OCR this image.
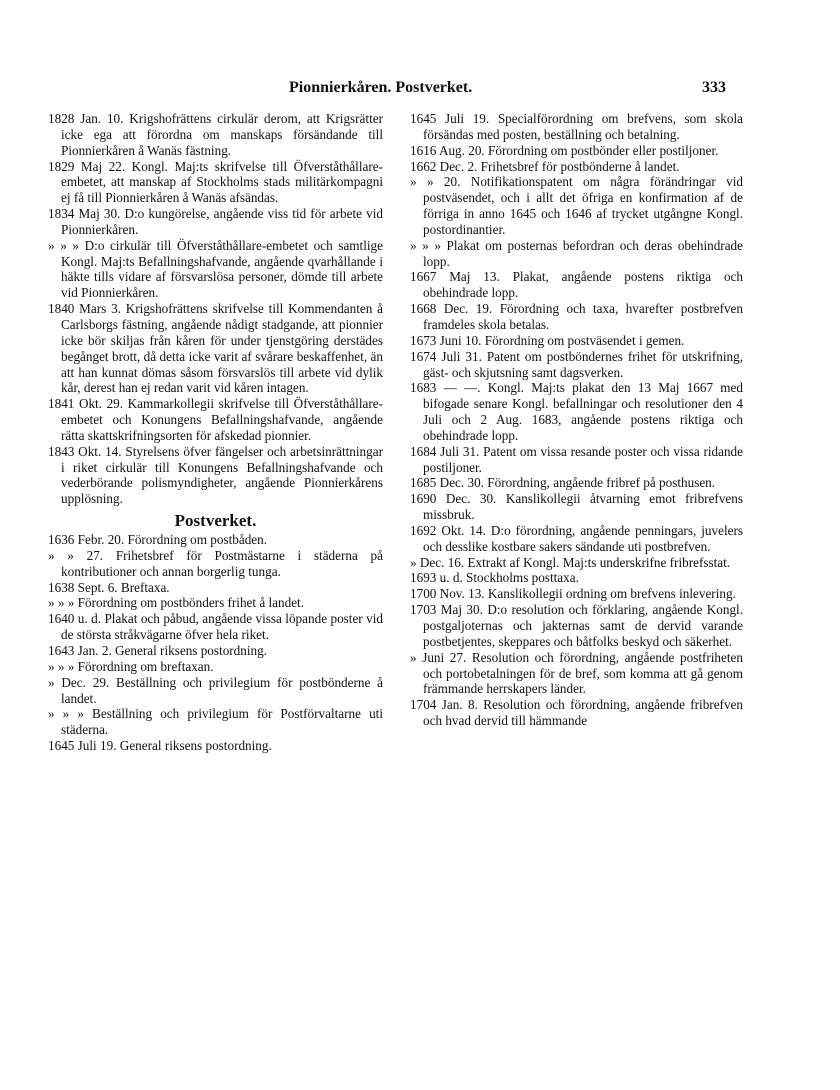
Pionnierkåren. Postverket.	333

1828 Jan. 10. Krigshofrättens cirkulär derom, att Krigsrätter icke ega att förordna om manskaps försändande till Pionnierkåren å Wanäs fästning.

1829 Maj 22. Kongl. Maj:ts skrifvelse till Öfverståthållare-embetet, att manskap af Stockholms stads militärkompagni ej få till Pionnierkåren å Wanäs afsändas.

1834 Maj 30. D:o kungörelse, angående viss tid för arbete vid Pionnierkåren.

» » » D:o cirkulär till Öfverståthållare-embetet och samtlige Kongl. Maj:ts Befallningshafvande, angående qvarhållande i häkte tills vidare af försvarslösa personer, dömde till arbete vid Pionnierkåren.

1840 Mars 3. Krigshofrättens skrifvelse till Kommendanten å Carlsborgs fästning, angående nådigt stadgande, att pionnier icke bör skiljas från kåren för under tjenstgöring derstädes begånget brott, då detta icke varit af svårare beskaffenhet, än att han kunnat dömas såsom försvarslös till arbete vid dylik kår, derest han ej redan varit vid kåren intagen.

1841 Okt. 29. Kammarkollegii skrifvelse till Öfverståthållare-embetet och Konungens Befallningshafvande, angående rätta skattskrifningsorten för afskedad pionnier.

1843 Okt. 14. Styrelsens öfver fängelser och arbetsinrättningar i riket cirkulär till Konungens Befallningshafvande och vederbörande polismyndigheter, angående Pionnierkårens upplösning.

Postverket.

1636 Febr. 20. Förordning om postbåden.

» » 27. Frihetsbref för Postmästarne i städerna på kontributioner och annan borgerlig tunga.

1638 Sept. 6. Breftaxa.

» » » Förordning om postbönders frihet å landet.

1640 u. d. Plakat och påbud, angående vissa löpande poster vid de största stråkvägarne öfver hela riket.

1643 Jan. 2. General riksens postordning.

» » » Förordning om breftaxan.

» Dec. 29. Beställning och privilegium för postbönderne å landet.

» » » Beställning och privilegium för Postförvaltarne uti städerna.

1645 Juli 19. General riksens postordning.

1645 Juli 19. Specialförordning om brefvens, som skola försändas med posten, beställning och betalning.

1616 Aug. 20. Förordning om postbönder eller postiljoner.

1662 Dec. 2. Frihetsbref för postbönderne å landet.

» » 20. Notifikationspatent om några förändringar vid postväsendet, och i allt det öfriga en konfirmation af de förriga in anno 1645 och 1646 af trycket utgångne Kongl. postordinantier.

» » » Plakat om posternas befordran och deras obehindrade lopp.

1667 Maj 13. Plakat, angående postens riktiga och obehindrade lopp.

1668 Dec. 19. Förordning och taxa, hvarefter postbrefven framdeles skola betalas.

1673 Juni 10. Förordning om postväsendet i gemen.

1674 Juli 31. Patent om postböndernes frihet för utskrifning, gäst- och skjutsning samt dagsverken.

1683 — —. Kongl. Maj:ts plakat den 13 Maj 1667 med bifogade senare Kongl. befallningar och resolutioner den 4 Juli och 2 Aug. 1683, angående postens riktiga och obehindrade lopp.

1684 Juli 31. Patent om vissa resande poster och vissa ridande postiljoner.

1685 Dec. 30. Förordning, angående fribref på posthusen.

1690 Dec. 30. Kanslikollegii åtvarning emot fribrefvens missbruk.

1692 Okt. 14. D:o förordning, angående penningars, juvelers och desslike kostbare sakers sändande uti postbrefven.

» Dec. 16. Extrakt af Kongl. Maj:ts underskrifne fribrefsstat.

1693 u. d. Stockholms posttaxa.

1700 Nov. 13. Kanslikollegii ordning om brefvens inlevering.

1703 Maj 30. D:o resolution och förklaring, angående Kongl. postgaljoternas och jakternas samt de dervid varande postbetjentes, skeppares och båtfolks beskyd och säkerhet.

» Juni 27. Resolution och förordning, angående postfriheten och portobetalningen för de bref, som komma att gå genom främmande herrskapers länder.

1704 Jan. 8. Resolution och förordning, angående fribrefven och hvad dervid till hämmande
